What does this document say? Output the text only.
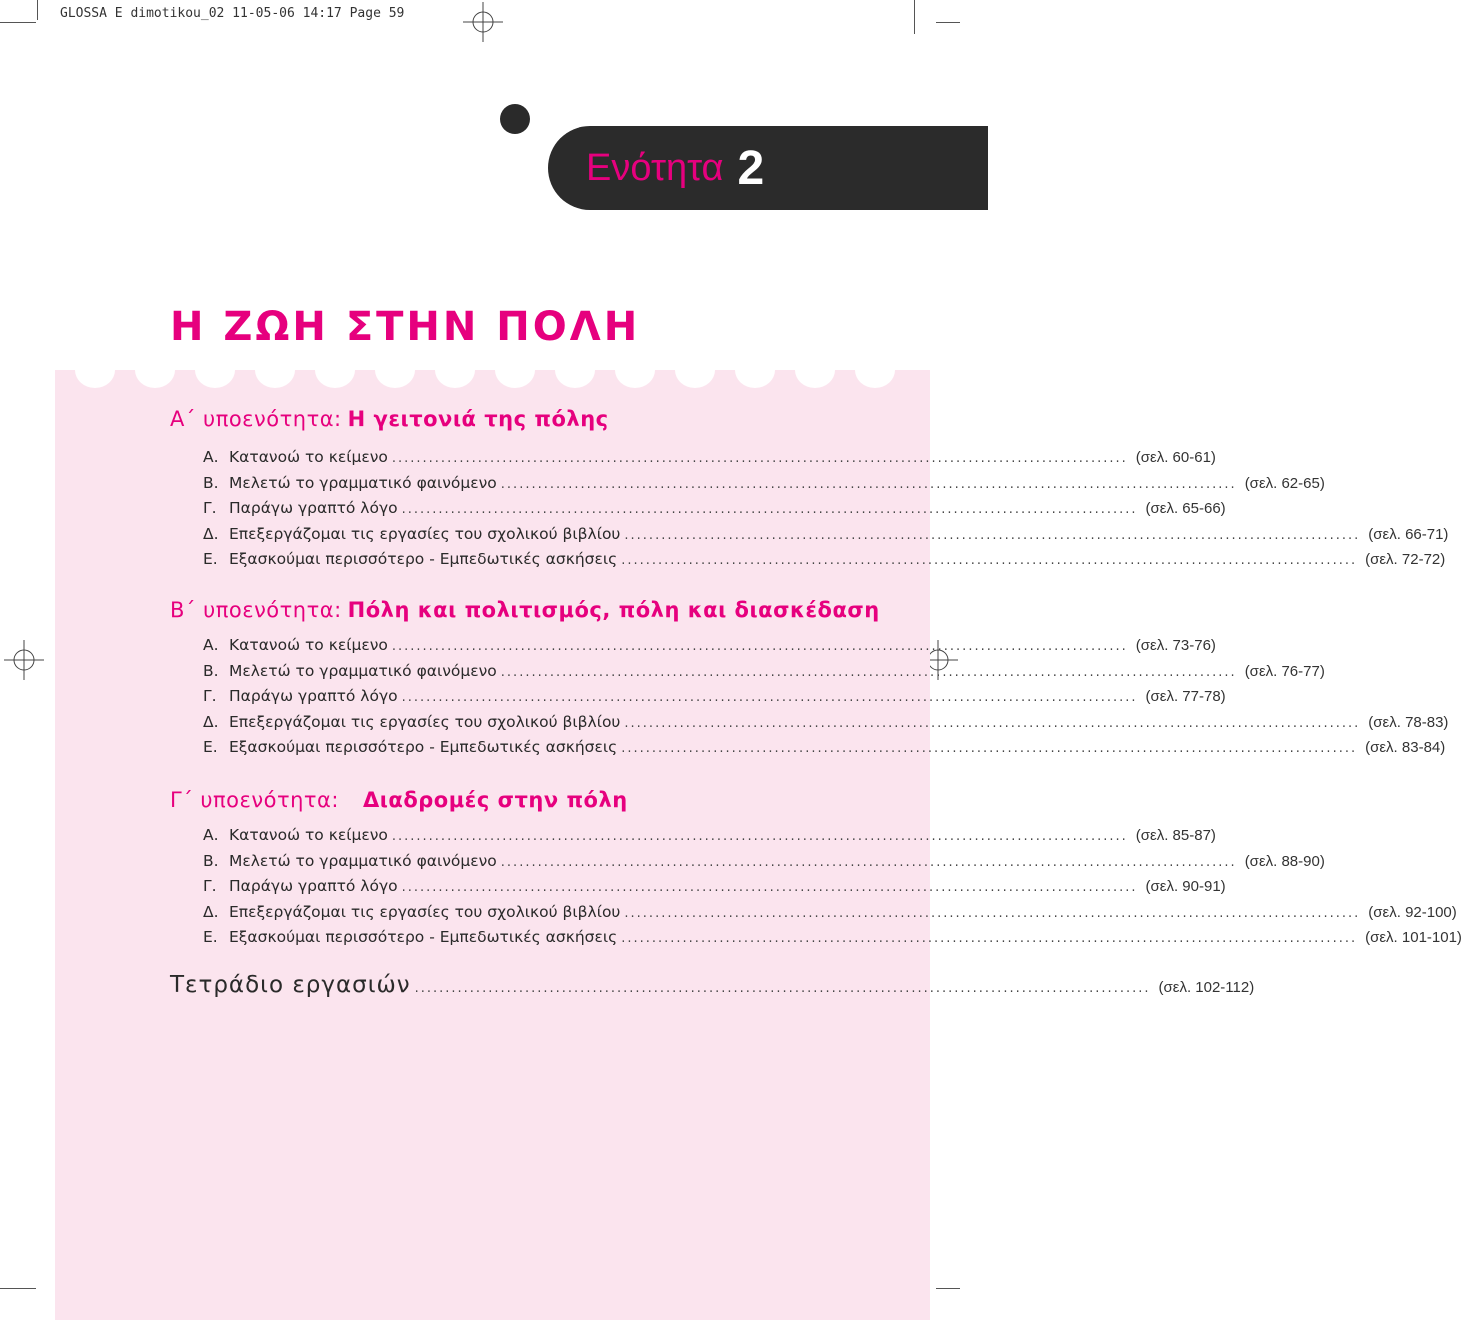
GLOSSA E dimotikou_02 11-05-06 14:17 Page 59
Ενότητα 2
Η ΖΩΗ ΣΤΗΝ ΠΟΛΗ
Α΄ υποενότητα: Η γειτονιά της πόλης
Α. Κατανοώ το κείμενο ........................................................................................................................ (σελ. 60-61)
Β. Μελετώ το γραμματικό φαινόμενο ........................................................................................................................ (σελ. 62-65)
Γ. Παράγω γραπτό λόγο ........................................................................................................................ (σελ. 65-66)
Δ. Επεξεργάζομαι τις εργασίες του σχολικού βιβλίου ........................................................................................................................ (σελ. 66-71)
Ε. Εξασκούμαι περισσότερο - Εμπεδωτικές ασκήσεις ........................................................................................................................ (σελ. 72-72)
Β΄ υποενότητα: Πόλη και πολιτισμός, πόλη και διασκέδαση
Α. Κατανοώ το κείμενο ........................................................................................................................ (σελ. 73-76)
Β. Μελετώ το γραμματικό φαινόμενο ........................................................................................................................ (σελ. 76-77)
Γ. Παράγω γραπτό λόγο ........................................................................................................................ (σελ. 77-78)
Δ. Επεξεργάζομαι τις εργασίες του σχολικού βιβλίου ........................................................................................................................ (σελ. 78-83)
Ε. Εξασκούμαι περισσότερο - Εμπεδωτικές ασκήσεις ........................................................................................................................ (σελ. 83-84)
Γ΄ υποενότητα: Διαδρομές στην πόλη
Α. Κατανοώ το κείμενο ........................................................................................................................ (σελ. 85-87)
Β. Μελετώ το γραμματικό φαινόμενο ........................................................................................................................ (σελ. 88-90)
Γ. Παράγω γραπτό λόγο ........................................................................................................................ (σελ. 90-91)
Δ. Επεξεργάζομαι τις εργασίες του σχολικού βιβλίου ........................................................................................................................ (σελ. 92-100)
Ε. Εξασκούμαι περισσότερο - Εμπεδωτικές ασκήσεις ........................................................................................................................ (σελ. 101-101)
Τετράδιο εργασιών ........................................................................................................................ (σελ. 102-112)
